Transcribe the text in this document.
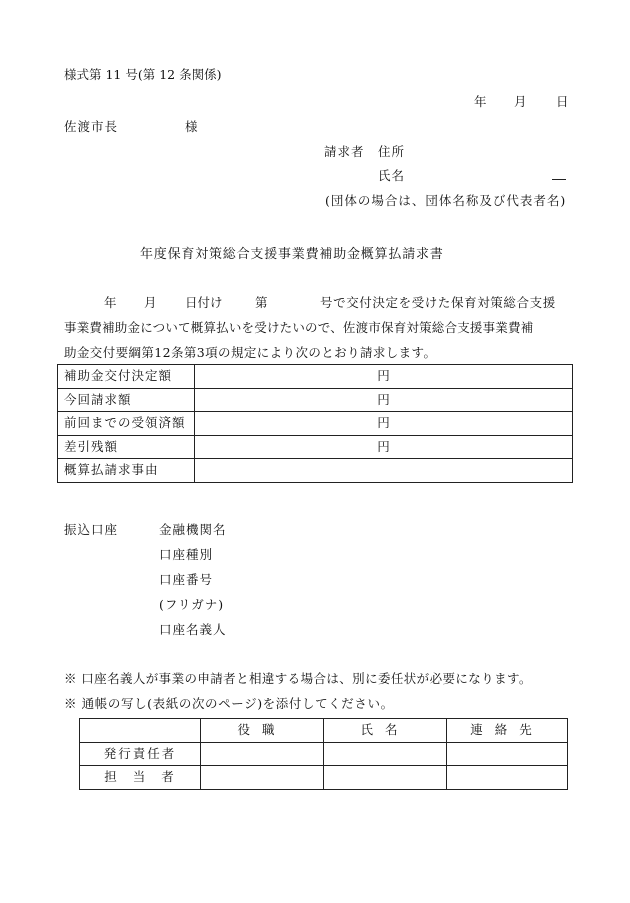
様式第 11 号(第 12 条関係)
年 月 日
佐渡市長	様
請求者 住所
氏名
(団体の場合は、団体名称及び代表者名)
年度保育対策総合支援事業費補助金概算払請求書
年 月 日付け	第	号で交付決定を受けた保育対策総合支援
事業費補助金について概算払いを受けたいので、佐渡市保育対策総合支援事業費補
助金交付要綱第12条第3項の規定により次のとおり請求します。
補助金交付決定額	円
今回請求額	円
前回までの受領済額	円
差引残額	円
概算払請求事由	
振込口座	金融機関名
口座種別
口座番号
(フリガナ)
口座名義人
※ 口座名義人が事業の申請者と相違する場合は、別に委任状が必要になります。
※ 通帳の写し(表紙の次のページ)を添付してください。
	役職	氏名	連絡先
発行責任者			
担当者			
